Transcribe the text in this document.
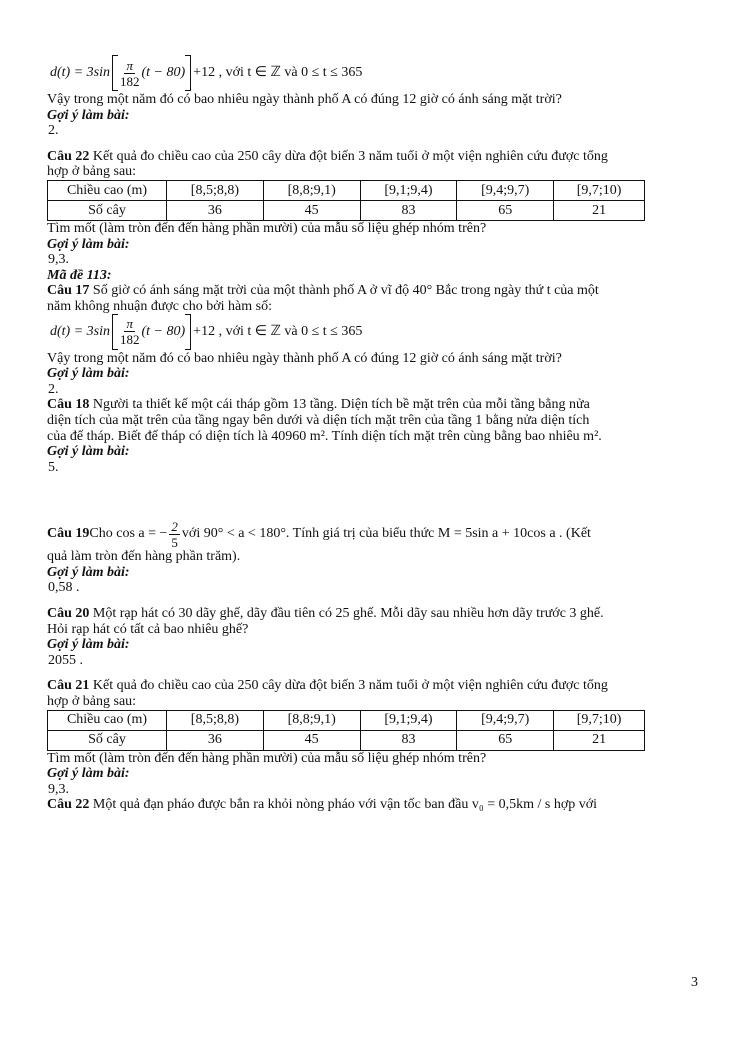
$d(t) = 3\sin \frac{\pi}{182} (t - 80) +12$ , với t ∈ ℤ và 0 ≤ t ≤ 365
Vậy trong một năm đó có bao nhiêu ngày thành phố A có đúng 12 giờ có ánh sáng mặt trời?
Gợi ý làm bài:
2.
Câu 22 Kết quả đo chiều cao của 250 cây dừa đột biến 3 năm tuổi ở một viện nghiên cứu được tổng
hợp ở bảng sau:
Chiều cao (m)	[8,5;8,8)	[8,8;9,1)	[9,1;9,4)	[9,4;9,7)	[9,7;10)
Số cây	36	45	83	65	21
Tìm mốt (làm tròn đến đến hàng phần mười) của mẫu số liệu ghép nhóm trên?
Gợi ý làm bài:
9,3.
Mã đề 113:
Câu 17 Số giờ có ánh sáng mặt trời của một thành phố A ở vĩ độ 40° Bắc trong ngày thứ t của một
năm không nhuận được cho bởi hàm số:
$d(t) = 3\sin \frac{\pi}{182} (t - 80) +12$ , với t ∈ ℤ và 0 ≤ t ≤ 365
Vậy trong một năm đó có bao nhiêu ngày thành phố A có đúng 12 giờ có ánh sáng mặt trời?
Gợi ý làm bài:
2.
Câu 18 Người ta thiết kế một cái tháp gồm 13 tầng. Diện tích bề mặt trên của mỗi tầng bằng nửa
diện tích của mặt trên của tầng ngay bên dưới và diện tích mặt trên của tầng 1 bằng nửa diện tích
của đế tháp. Biết đế tháp có diện tích là 40960 m². Tính diện tích mặt trên cùng bằng bao nhiêu m².
Gợi ý làm bài:
5.
Câu 19 Cho cos a = − $\frac{2}{5}$ với 90° < a < 180°. Tính giá trị của biểu thức M = 5sin a + 10cos a . (Kết
quả làm tròn đến hàng phần trăm).
Gợi ý làm bài:
0,58 .
Câu 20 Một rạp hát có 30 dãy ghế, dãy đầu tiên có 25 ghế. Mỗi dãy sau nhiều hơn dãy trước 3 ghế.
Hỏi rạp hát có tất cả bao nhiêu ghế?
Gợi ý làm bài:
2055 .
Câu 21 Kết quả đo chiều cao của 250 cây dừa đột biến 3 năm tuổi ở một viện nghiên cứu được tổng
hợp ở bảng sau:
Chiều cao (m)	[8,5;8,8)	[8,8;9,1)	[9,1;9,4)	[9,4;9,7)	[9,7;10)
Số cây	36	45	83	65	21
Tìm mốt (làm tròn đến đến hàng phần mười) của mẫu số liệu ghép nhóm trên?
Gợi ý làm bài:
9,3.
Câu 22 Một quả đạn pháo được bắn ra khỏi nòng pháo với vận tốc ban đầu v₀ = 0,5km / s hợp với
3
